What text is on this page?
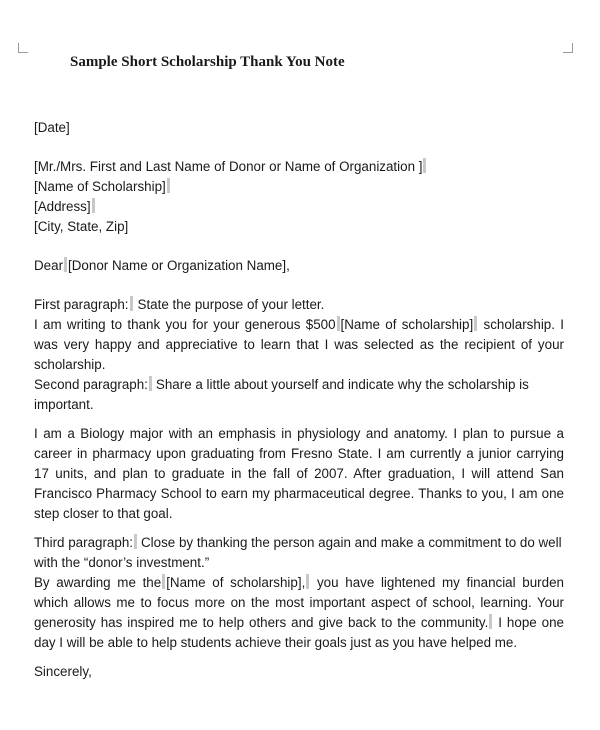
Sample Short Scholarship Thank You Note

[Date]

[Mr./Mrs. First and Last Name of Donor or Name of Organization ]

[Name of Scholarship]

[Address]

[City, State, Zip]

Dear [Donor Name or Organization Name],

First paragraph: State the purpose of your letter.

I am writing to thank you for your generous $500 [Name of scholarship] scholarship. I was very happy and appreciative to learn that I was selected as the recipient of your scholarship.

Second paragraph: Share a little about yourself and indicate why the scholarship is important.

I am a Biology major with an emphasis in physiology and anatomy. I plan to pursue a career in pharmacy upon graduating from Fresno State. I am currently a junior carrying 17 units, and plan to graduate in the fall of 2007. After graduation, I will attend San Francisco Pharmacy School to earn my pharmaceutical degree. Thanks to you, I am one step closer to that goal.

Third paragraph: Close by thanking the person again and make a commitment to do well with the “donor’s investment.”

By awarding me the [Name of scholarship], you have lightened my financial burden which allows me to focus more on the most important aspect of school, learning. Your generosity has inspired me to help others and give back to the community. I hope one day I will be able to help students achieve their goals just as you have helped me.

Sincerely,
